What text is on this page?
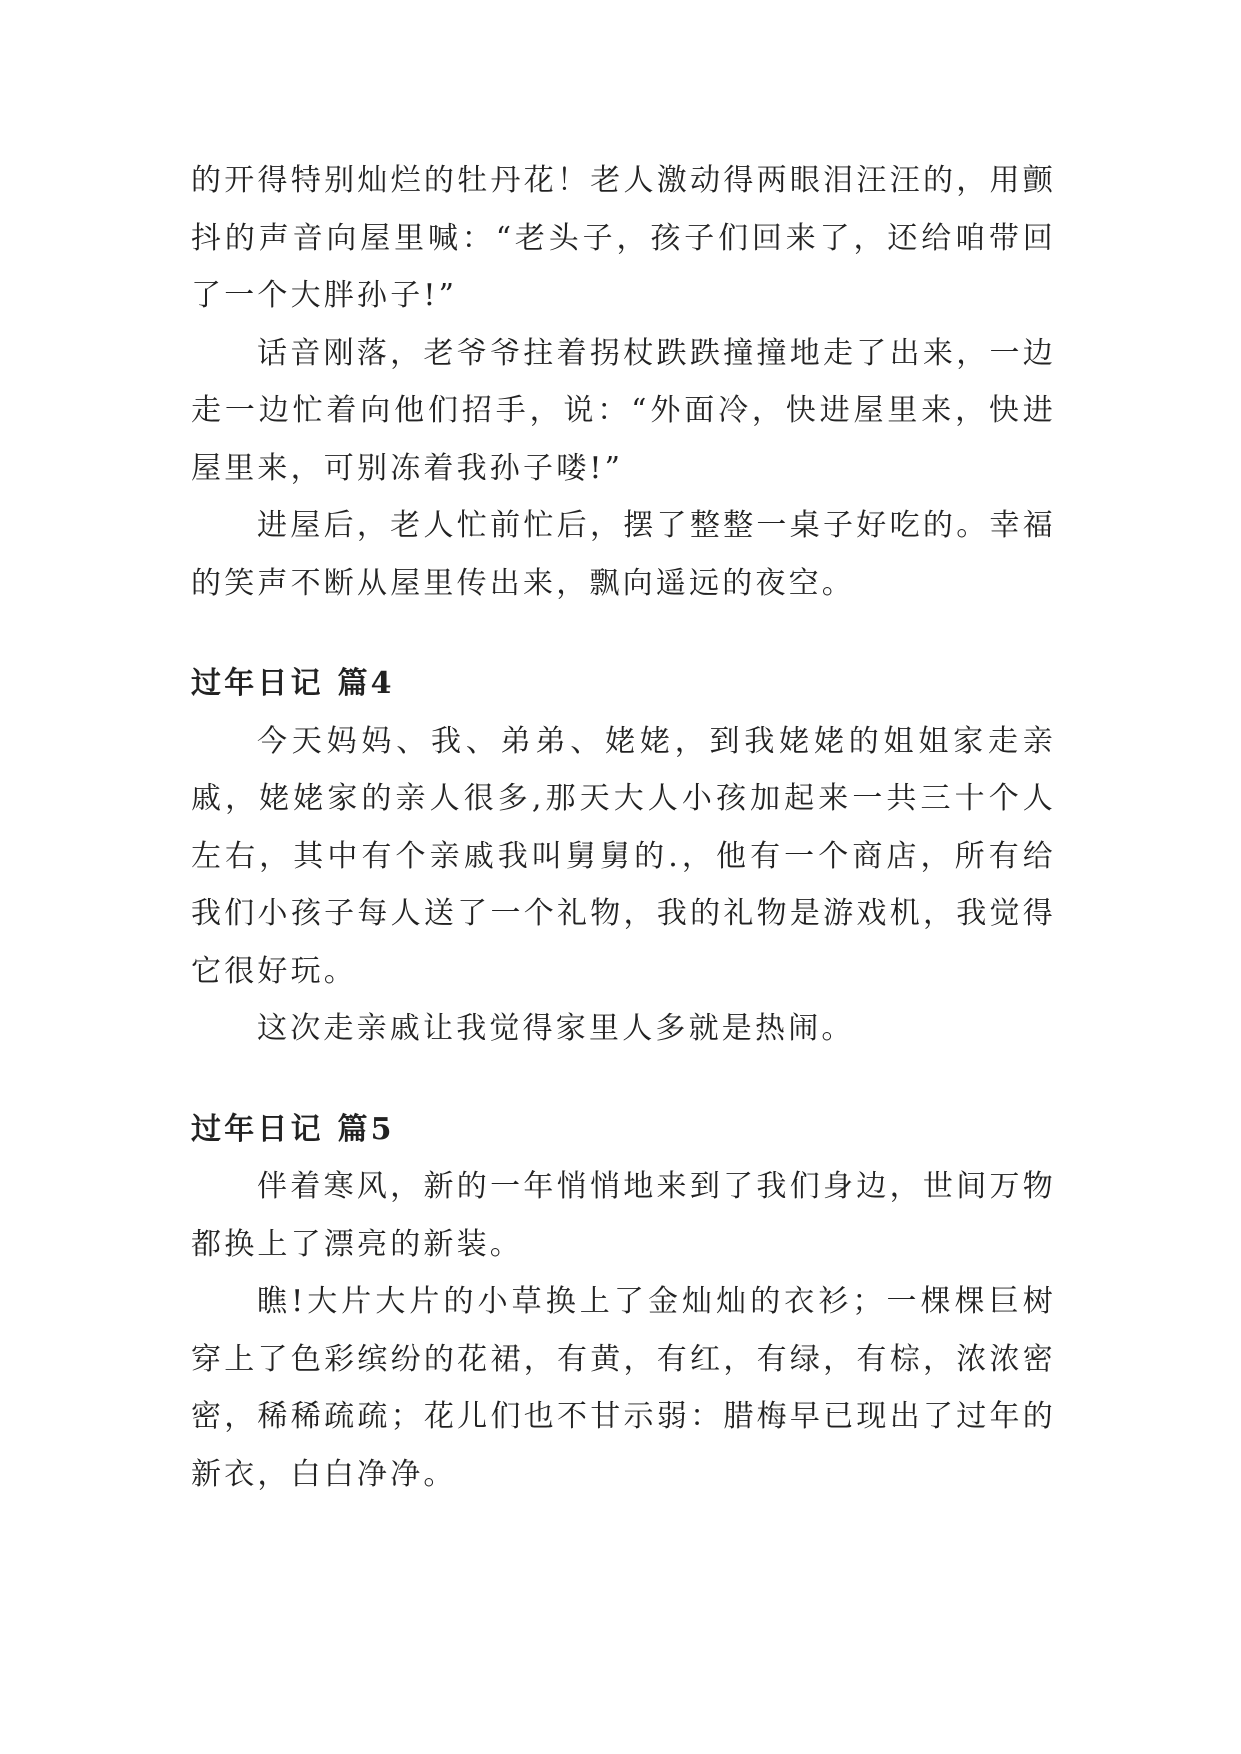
的开得特别灿烂的牡丹花！老人激动得两眼泪汪汪的，用颤抖的声音向屋里喊：“老头子，孩子们回来了，还给咱带回了一个大胖孙子!”

话音刚落，老爷爷拄着拐杖跌跌撞撞地走了出来，一边走一边忙着向他们招手，说：“外面冷，快进屋里来，快进屋里来，可别冻着我孙子喽!”

进屋后，老人忙前忙后，摆了整整一桌子好吃的。幸福的笑声不断从屋里传出来，飘向遥远的夜空。

过年日记 篇4

今天妈妈、我、弟弟、姥姥，到我姥姥的姐姐家走亲戚，姥姥家的亲人很多,那天大人小孩加起来一共三十个人左右，其中有个亲戚我叫舅舅的.，他有一个商店，所有给我们小孩子每人送了一个礼物，我的礼物是游戏机，我觉得它很好玩。

这次走亲戚让我觉得家里人多就是热闹。

过年日记 篇5

伴着寒风，新的一年悄悄地来到了我们身边，世间万物都换上了漂亮的新装。

瞧!大片大片的小草换上了金灿灿的衣衫；一棵棵巨树穿上了色彩缤纷的花裙，有黄，有红，有绿，有棕，浓浓密密，稀稀疏疏；花儿们也不甘示弱：腊梅早已现出了过年的新衣，白白净净。
